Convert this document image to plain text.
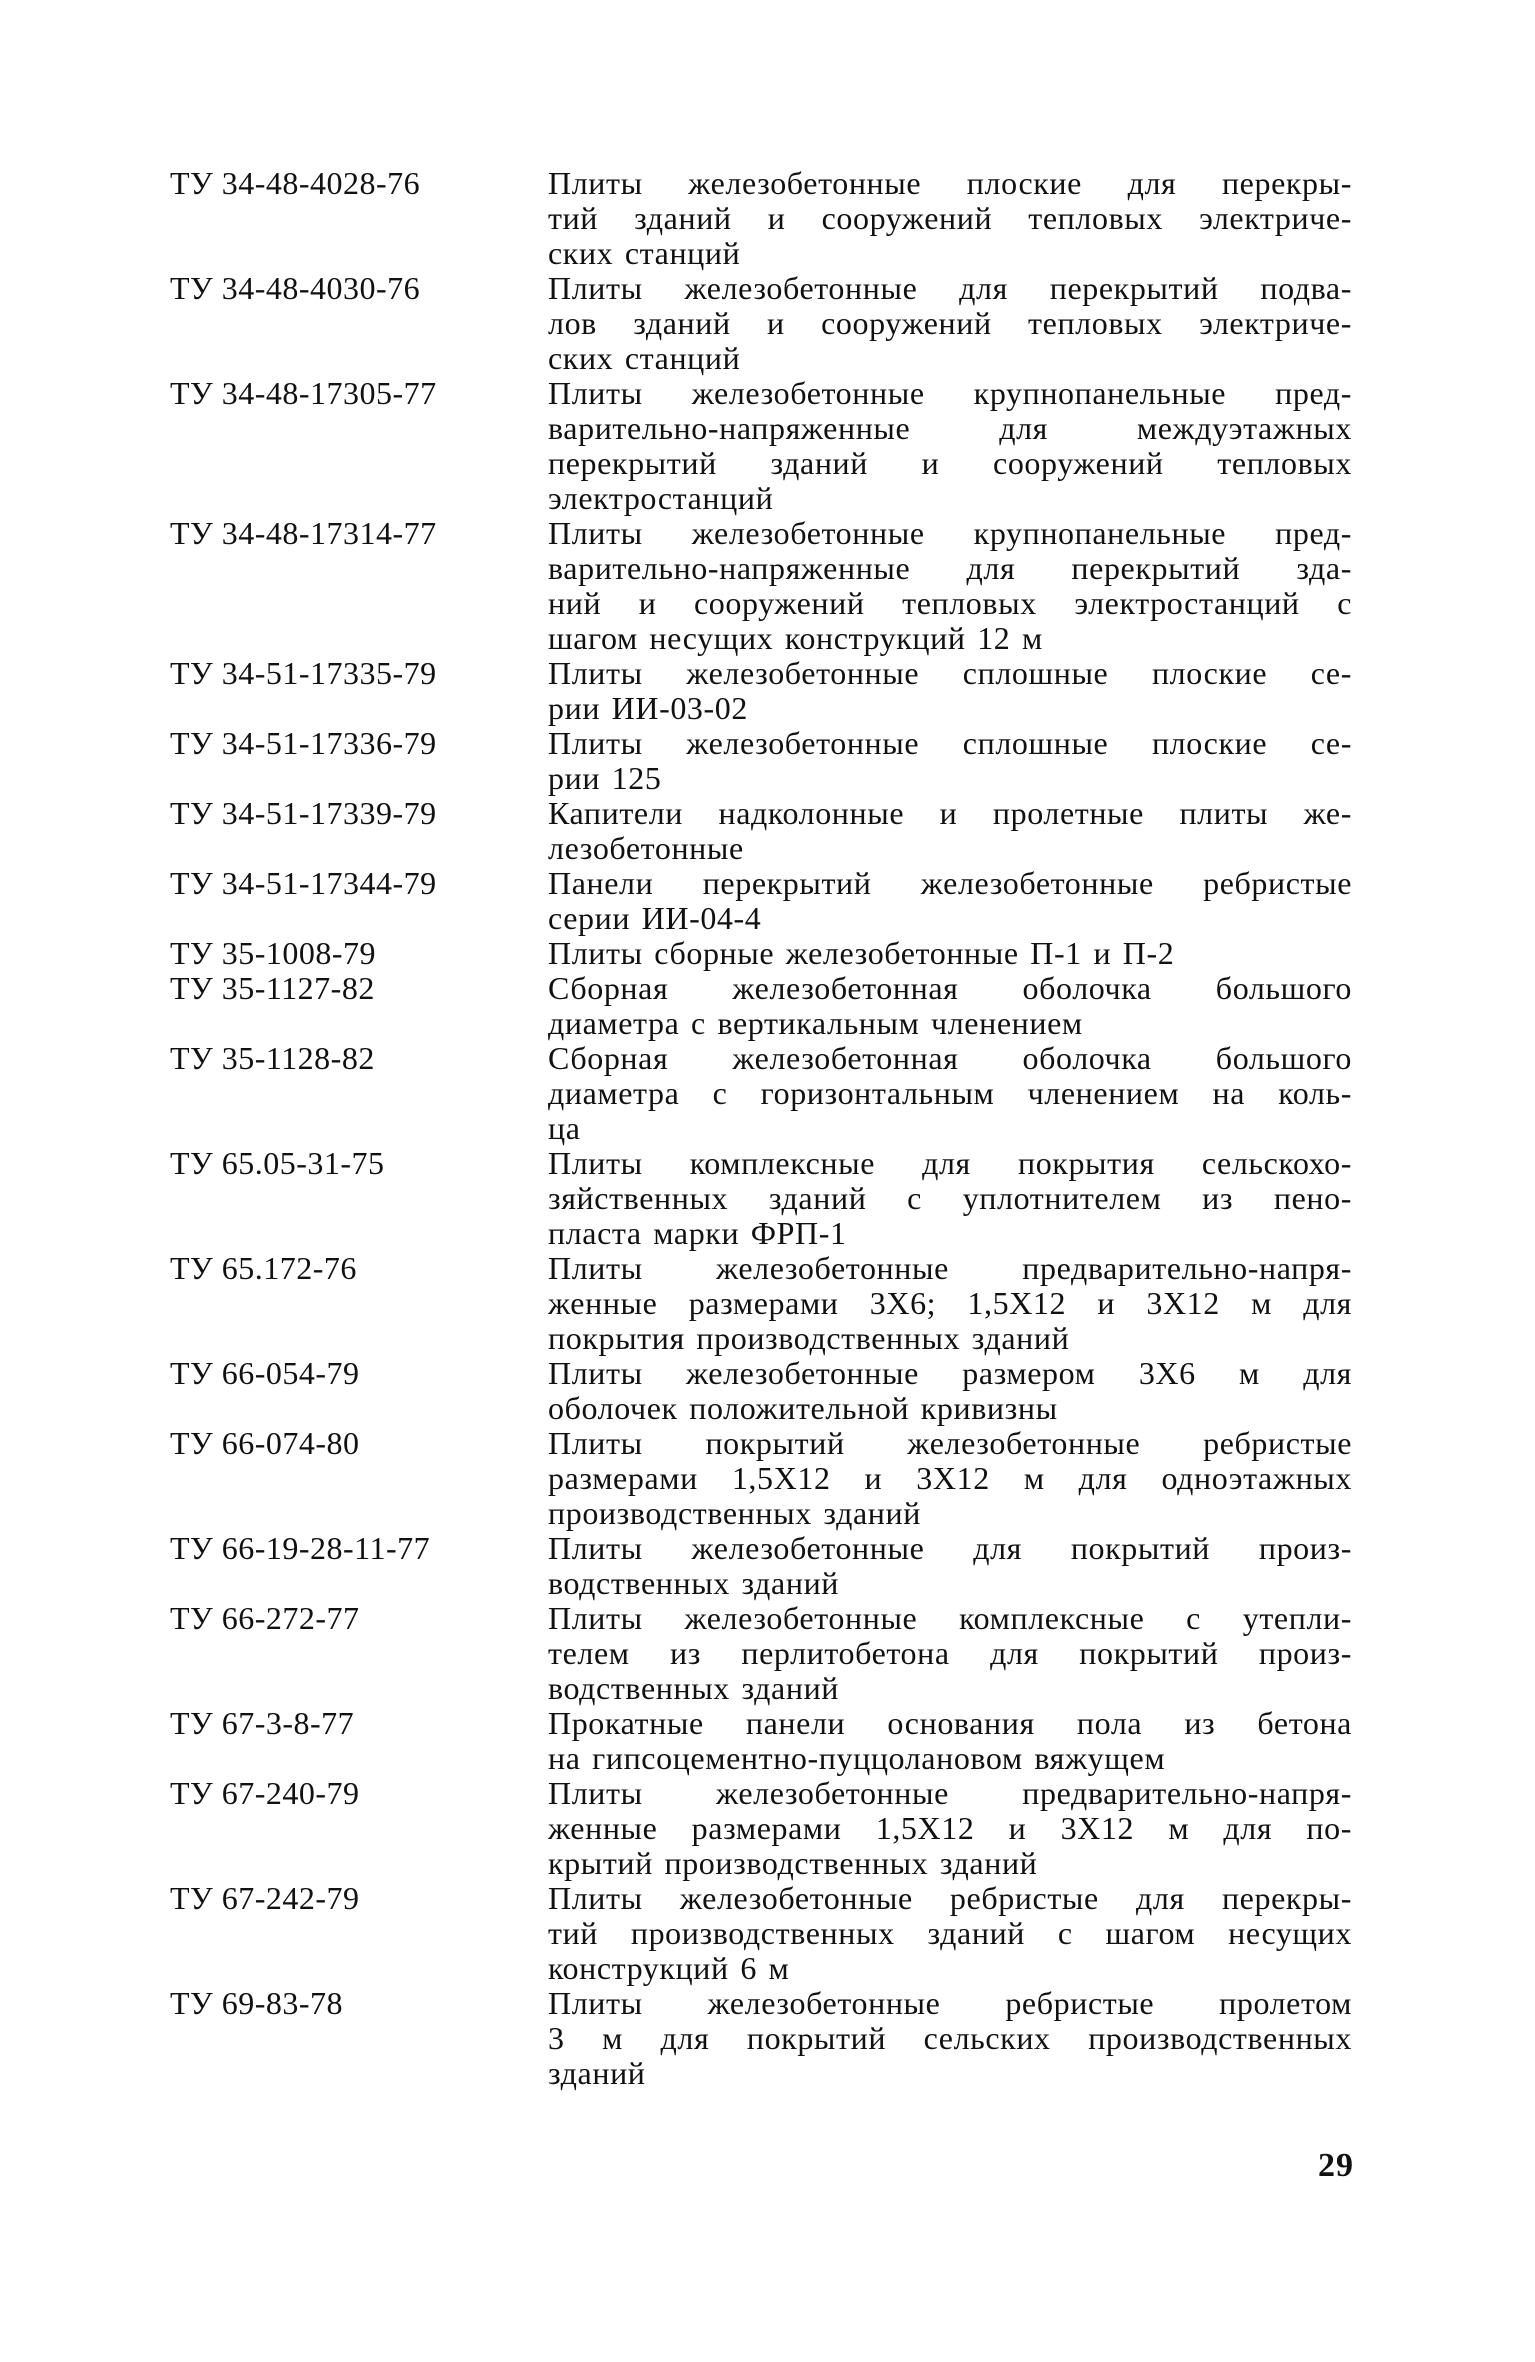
ТУ 34-48-4028-76	Плиты железобетонные плоские для перекры-
тий зданий и сооружений тепловых электриче-
ских станций
ТУ 34-48-4030-76	Плиты железобетонные для перекрытий подва-
лов зданий и сооружений тепловых электриче-
ских станций
ТУ 34-48-17305-77	Плиты железобетонные крупнопанельные пред-
варительно-напряженные для междуэтажных
перекрытий зданий и сооружений тепловых
электростанций
ТУ 34-48-17314-77	Плиты железобетонные крупнопанельные пред-
варительно-напряженные для перекрытий зда-
ний и сооружений тепловых электростанций с
шагом несущих конструкций 12 м
ТУ 34-51-17335-79	Плиты железобетонные сплошные плоские се-
рии ИИ-03-02
ТУ 34-51-17336-79	Плиты железобетонные сплошные плоские се-
рии 125
ТУ 34-51-17339-79	Капители надколонные и пролетные плиты же-
лезобетонные
ТУ 34-51-17344-79	Панели перекрытий железобетонные ребристые
серии ИИ-04-4
ТУ 35-1008-79	Плиты сборные железобетонные П-1 и П-2
ТУ 35-1127-82	Сборная железобетонная оболочка большого
диаметра с вертикальным членением
ТУ 35-1128-82	Сборная железобетонная оболочка большого
диаметра с горизонтальным членением на коль-
ца
ТУ 65.05-31-75	Плиты комплексные для покрытия сельскохо-
зяйственных зданий с уплотнителем из пено-
пласта марки ФРП-1
ТУ 65.172-76	Плиты железобетонные предварительно-напря-
женные размерами 3Х6; 1,5Х12 и 3Х12 м для
покрытия производственных зданий
ТУ 66-054-79	Плиты железобетонные размером 3Х6 м для
оболочек положительной кривизны
ТУ 66-074-80	Плиты покрытий железобетонные ребристые
размерами 1,5Х12 и 3Х12 м для одноэтажных
производственных зданий
ТУ 66-19-28-11-77	Плиты железобетонные для покрытий произ-
водственных зданий
ТУ 66-272-77	Плиты железобетонные комплексные с утепли-
телем из перлитобетона для покрытий произ-
водственных зданий
ТУ 67-3-8-77	Прокатные панели основания пола из бетона
на гипсоцементно-пуццолановом вяжущем
ТУ 67-240-79	Плиты железобетонные предварительно-напря-
женные размерами 1,5Х12 и 3Х12 м для по-
крытий производственных зданий
ТУ 67-242-79	Плиты железобетонные ребристые для перекры-
тий производственных зданий с шагом несущих
конструкций 6 м
ТУ 69-83-78	Плиты железобетонные ребристые пролетом
3 м для покрытий сельских производственных
зданий
29
